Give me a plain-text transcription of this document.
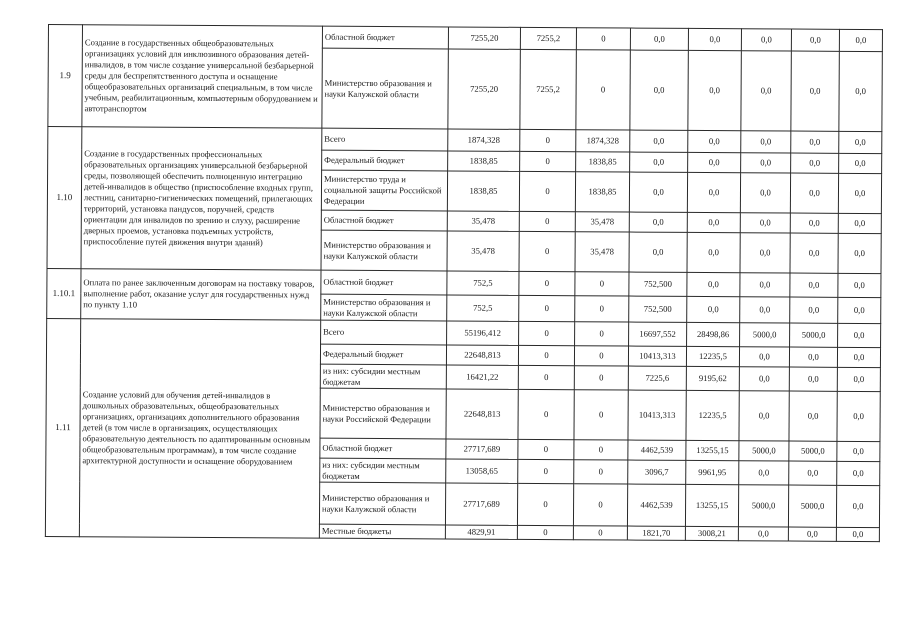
1.9	Создание в государственных общеобразовательных организациях условий для инклюзивного образования детей-инвалидов, в том числе создание универсальной безбарьерной среды для беспрепятственного доступа и оснащение общеобразовательных организаций специальным, в том числе учебным, реабилитационным, компьютерным оборудованием и автотранспортом	Областной бюджет	7255,20	7255,2	0	0,0	0,0	0,0	0,0	0,0
		Министерство образования и науки Калужской области	7255,20	7255,2	0	0,0	0,0	0,0	0,0	0,0
1.10	Создание в государственных профессиональных образовательных организациях универсальной безбарьерной среды, позволяющей обеспечить полноценную интеграцию детей-инвалидов в общество (приспособление входных групп, лестниц, санитарно-гигиенических помещений, прилегающих территорий, установка пандусов, поручней, средств ориентации для инвалидов по зрению и слуху, расширение дверных проемов, установка подъемных устройств, приспособление путей движения внутри зданий)	Всего	1874,328	0	1874,328	0,0	0,0	0,0	0,0	0,0
		Федеральный бюджет	1838,85	0	1838,85	0,0	0,0	0,0	0,0	0,0
		Министерство труда и социальной защиты Российской Федерации	1838,85	0	1838,85	0,0	0,0	0,0	0,0	0,0
		Областной бюджет	35,478	0	35,478	0,0	0,0	0,0	0,0	0,0
		Министерство образования и науки Калужской области	35,478	0	35,478	0,0	0,0	0,0	0,0	0,0
1.10.1	Оплата по ранее заключенным договорам на поставку товаров, выполнение работ, оказание услуг для государственных нужд по пункту 1.10	Областной бюджет	752,5	0	0	752,500	0,0	0,0	0,0	0,0
		Министерство образования и науки Калужской области	752,5	0	0	752,500	0,0	0,0	0,0	0,0
1.11	Создание условий для обучения детей-инвалидов в дошкольных образовательных, общеобразовательных организациях, организациях дополнительного образования детей (в том числе в организациях, осуществляющих образовательную деятельность по адаптированным основным общеобразовательным программам), в том числе создание архитектурной доступности и оснащение оборудованием	Всего	55196,412	0	0	16697,552	28498,86	5000,0	5000,0	0,0
		Федеральный бюджет	22648,813	0	0	10413,313	12235,5	0,0	0,0	0,0
		из них: субсидии местным бюджетам	16421,22	0	0	7225,6	9195,62	0,0	0,0	0,0
		Министерство образования и науки Российской Федерации	22648,813	0	0	10413,313	12235,5	0,0	0,0	0,0
		Областной бюджет	27717,689	0	0	4462,539	13255,15	5000,0	5000,0	0,0
		из них: субсидии местным бюджетам	13058,65	0	0	3096,7	9961,95	0,0	0,0	0,0
		Министерство образования и науки Калужской области	27717,689	0	0	4462,539	13255,15	5000,0	5000,0	0,0
		Местные бюджеты	4829,91	0	0	1821,70	3008,21	0,0	0,0	0,0
